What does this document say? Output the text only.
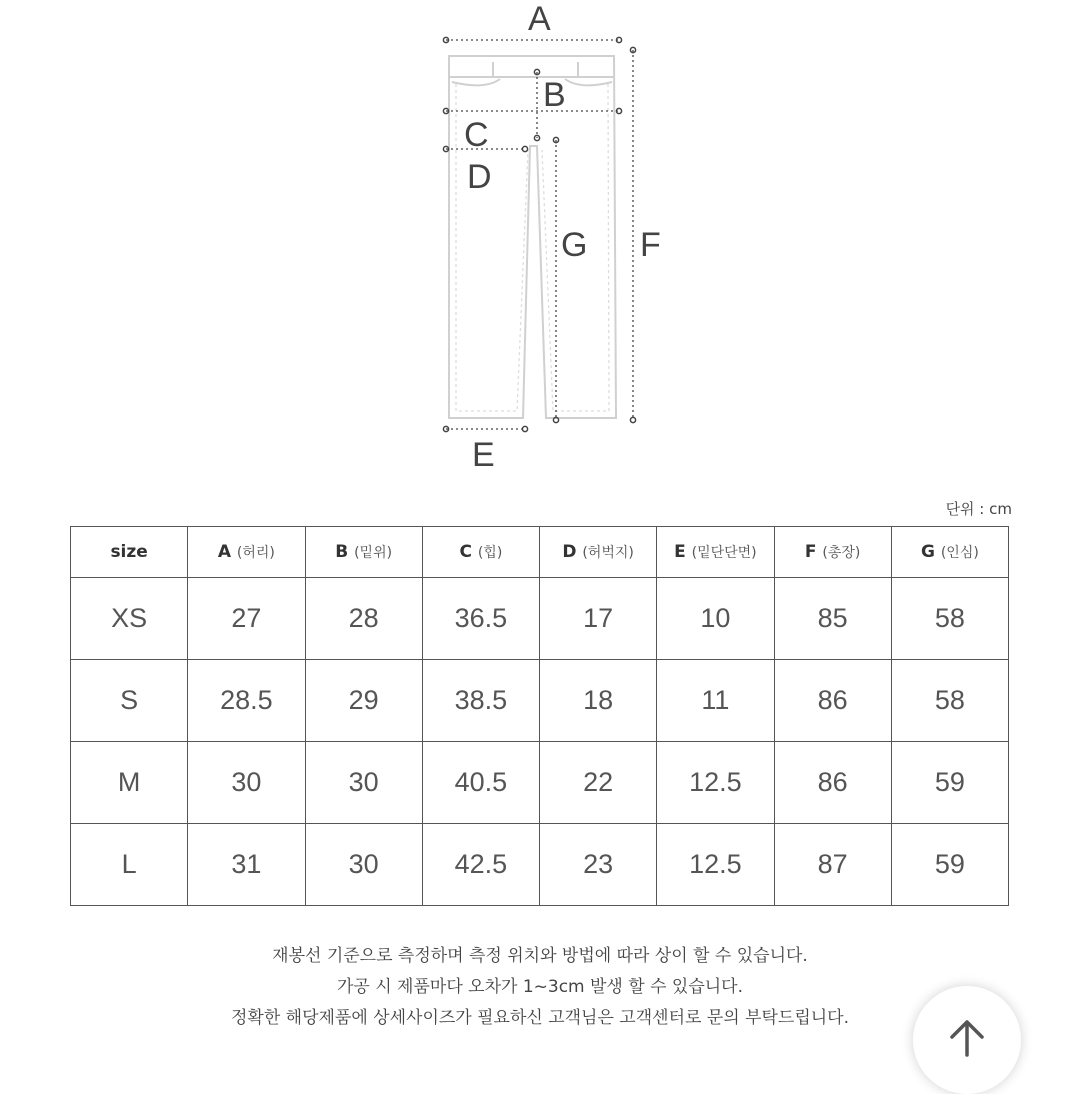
A
B
C
D
E
G F
단위 : cm
size	A (허리)	B (밑위)	C (힙)	D (허벅지)	E (밑단단면)	F (총장)	G (인심)
XS	27	28	36.5	17	10	85	58
S	28.5	29	38.5	18	11	86	58
M	30	30	40.5	22	12.5	86	59
L	31	30	42.5	23	12.5	87	59
재봉선 기준으로 측정하며 측정 위치와 방법에 따라 상이 할 수 있습니다.
가공 시 제품마다 오차가 1~3cm 발생 할 수 있습니다.
정확한 해당제품에 상세사이즈가 필요하신 고객님은 고객센터로 문의 부탁드립니다.
